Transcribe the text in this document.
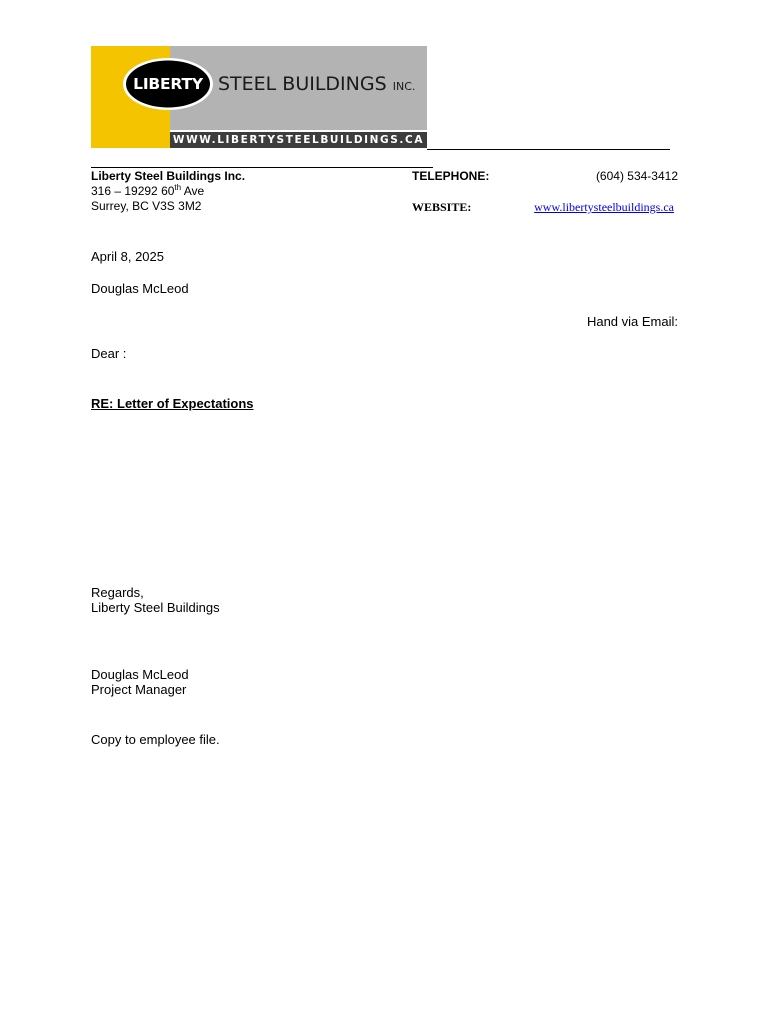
LIBERTY STEEL BUILDINGS INC.
WWW.LIBERTYSTEELBUILDINGS.CA
Liberty Steel Buildings Inc.
316 – 19292 60th Ave
Surrey, BC V3S 3M2
TELEPHONE:	(604) 534-3412
WEBSITE:	www.libertysteelbuildings.ca
April 8, 2025
Douglas McLeod
Hand via Email:
Dear :
RE: Letter of Expectations
Regards,
Liberty Steel Buildings
Douglas McLeod
Project Manager
Copy to employee file.
